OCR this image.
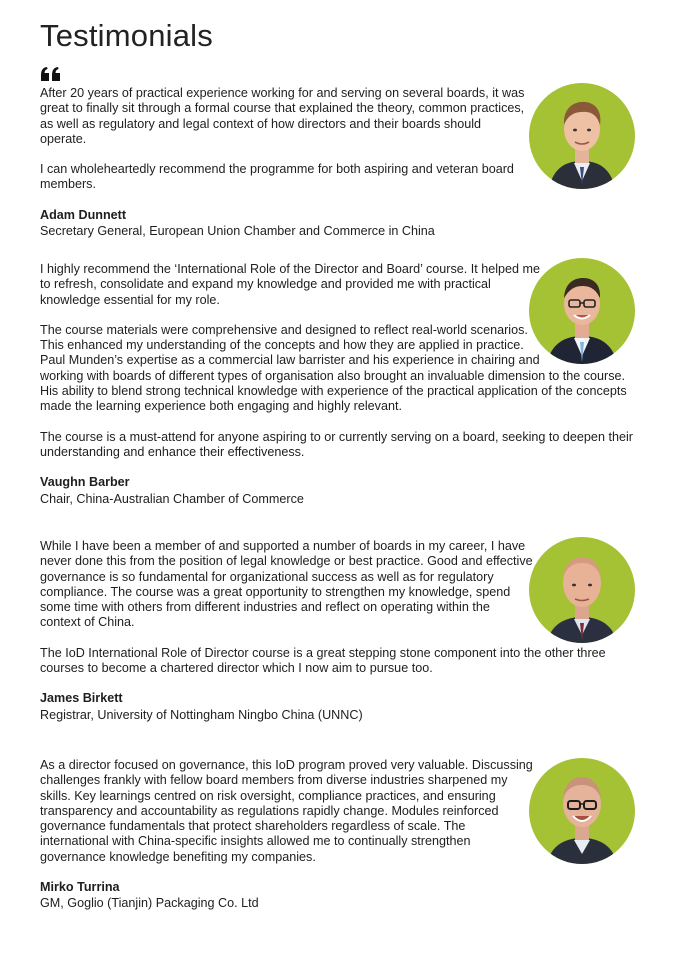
Testimonials

After 20 years of practical experience working for and serving on several boards, it was great to finally sit through a formal course that explained the theory, common practices, as well as regulatory and legal context of how directors and their boards should operate.

I can wholeheartedly recommend the programme for both aspiring and veteran board members.

Adam Dunnett

Secretary General, European Union Chamber and Commerce in China

I highly recommend the ‘International Role of the Director and Board’ course. It helped me to refresh, consolidate and expand my knowledge and provided me with practical knowledge essential for my role.

The course materials were comprehensive and designed to reflect real-world scenarios. This enhanced my understanding of the concepts and how they are applied in practice. Paul Munden’s expertise as a commercial law barrister and his experience in chairing and working with boards of different types of organisation also brought an invaluable dimension to the course. His ability to blend strong technical knowledge with experience of the practical application of the concepts made the learning experience both engaging and highly relevant.

The course is a must-attend for anyone aspiring to or currently serving on a board, seeking to deepen their understanding and enhance their effectiveness.

Vaughn Barber

Chair, China-Australian Chamber of Commerce

While I have been a member of and supported a number of boards in my career, I have never done this from the position of legal knowledge or best practice. Good and effective governance is so fundamental for organizational success as well as for regulatory compliance. The course was a great opportunity to strengthen my knowledge, spend some time with others from different industries and reflect on operating within the context of China.

The IoD International Role of Director course is a great stepping stone component into the other three courses to become a chartered director which I now aim to pursue too.

James Birkett

Registrar, University of Nottingham Ningbo China (UNNC)

As a director focused on governance, this IoD program proved very valuable. Discussing challenges frankly with fellow board members from diverse industries sharpened my skills. Key learnings centred on risk oversight, compliance practices, and ensuring transparency and accountability as regulations rapidly change. Modules reinforced governance fundamentals that protect shareholders regardless of scale. The international with China-specific insights allowed me to continually strengthen governance knowledge benefiting my companies.

Mirko Turrina

GM, Goglio (Tianjin) Packaging Co. Ltd
